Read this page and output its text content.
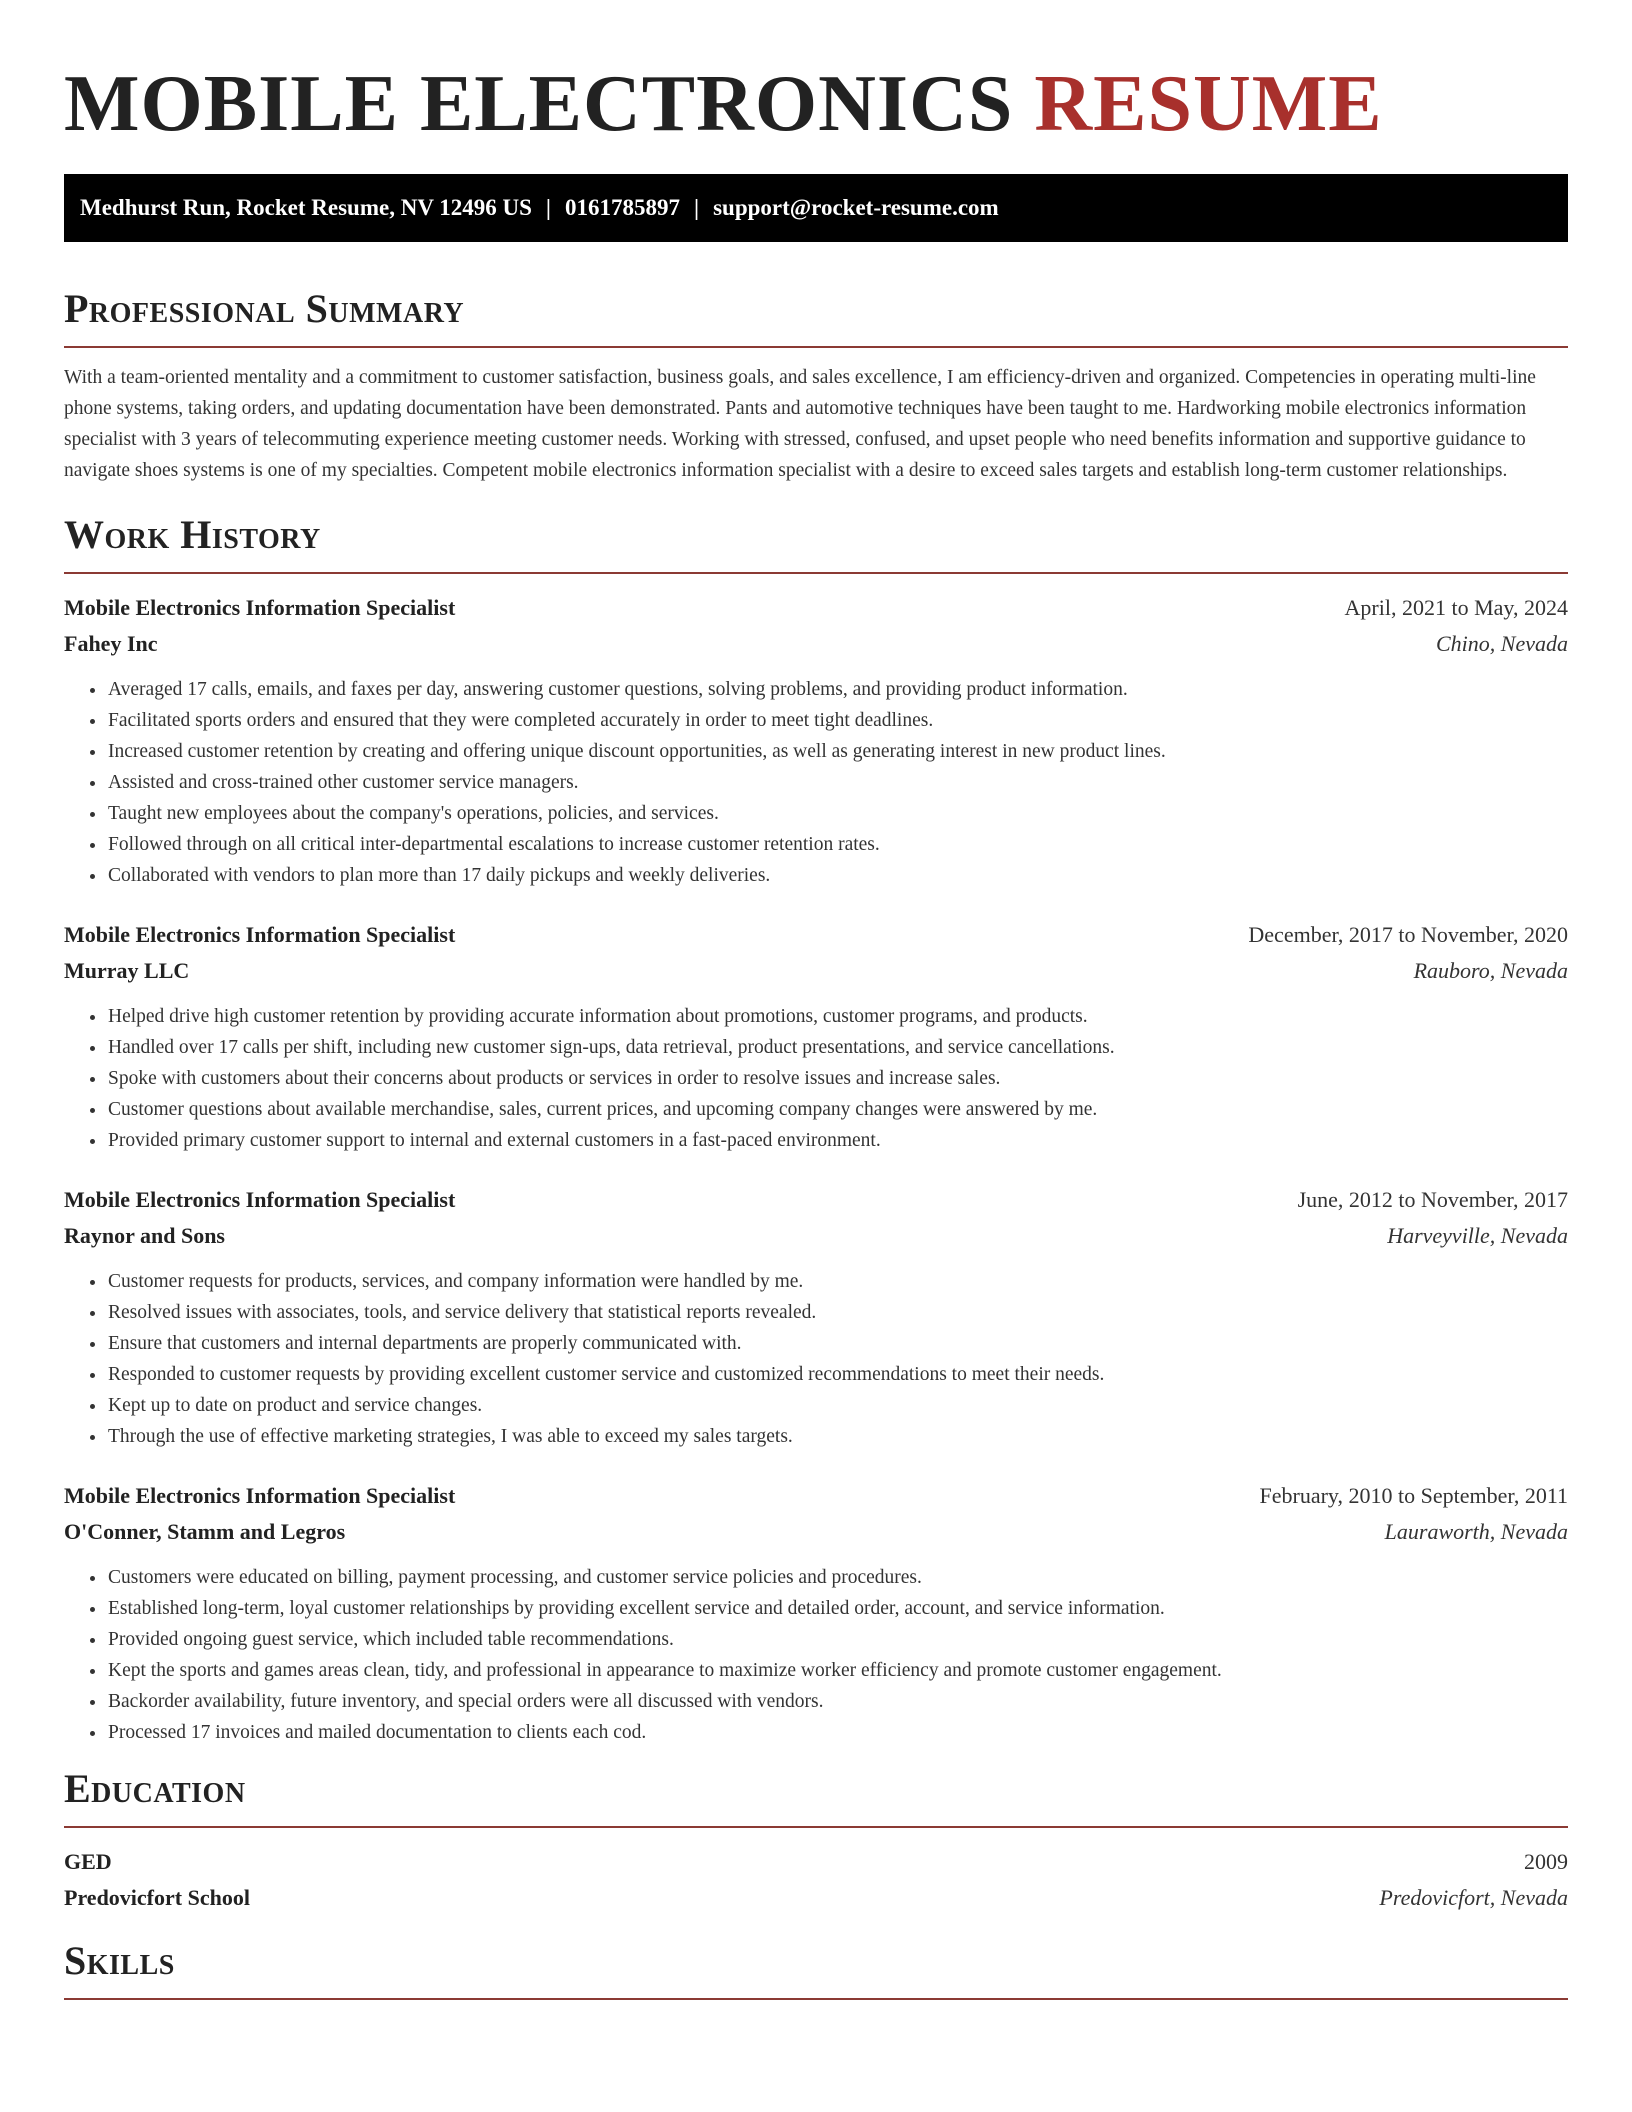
MOBILE ELECTRONICS RESUME
Medhurst Run, Rocket Resume, NV 12496 US | 0161785897 | support@rocket-resume.com
Professional Summary

With a team-oriented mentality and a commitment to customer satisfaction, business goals, and sales excellence, I am efficiency-driven and organized. Competencies in operating multi-line phone systems, taking orders, and updating documentation have been demonstrated. Pants and automotive techniques have been taught to me. Hardworking mobile electronics information specialist with 3 years of telecommuting experience meeting customer needs. Working with stressed, confused, and upset people who need benefits information and supportive guidance to navigate shoes systems is one of my specialties. Competent mobile electronics information specialist with a desire to exceed sales targets and establish long-term customer relationships.

Work History
Mobile Electronics Information Specialist	April, 2021 to May, 2024
Fahey Inc	Chino, Nevada
• Averaged 17 calls, emails, and faxes per day, answering customer questions, solving problems, and providing product information.
• Facilitated sports orders and ensured that they were completed accurately in order to meet tight deadlines.
• Increased customer retention by creating and offering unique discount opportunities, as well as generating interest in new product lines.
• Assisted and cross-trained other customer service managers.
• Taught new employees about the company's operations, policies, and services.
• Followed through on all critical inter-departmental escalations to increase customer retention rates.
• Collaborated with vendors to plan more than 17 daily pickups and weekly deliveries.
Mobile Electronics Information Specialist	December, 2017 to November, 2020
Murray LLC	Rauboro, Nevada
• Helped drive high customer retention by providing accurate information about promotions, customer programs, and products.
• Handled over 17 calls per shift, including new customer sign-ups, data retrieval, product presentations, and service cancellations.
• Spoke with customers about their concerns about products or services in order to resolve issues and increase sales.
• Customer questions about available merchandise, sales, current prices, and upcoming company changes were answered by me.
• Provided primary customer support to internal and external customers in a fast-paced environment.
Mobile Electronics Information Specialist	June, 2012 to November, 2017
Raynor and Sons	Harveyville, Nevada
• Customer requests for products, services, and company information were handled by me.
• Resolved issues with associates, tools, and service delivery that statistical reports revealed.
• Ensure that customers and internal departments are properly communicated with.
• Responded to customer requests by providing excellent customer service and customized recommendations to meet their needs.
• Kept up to date on product and service changes.
• Through the use of effective marketing strategies, I was able to exceed my sales targets.
Mobile Electronics Information Specialist	February, 2010 to September, 2011
O'Conner, Stamm and Legros	Lauraworth, Nevada
• Customers were educated on billing, payment processing, and customer service policies and procedures.
• Established long-term, loyal customer relationships by providing excellent service and detailed order, account, and service information.
• Provided ongoing guest service, which included table recommendations.
• Kept the sports and games areas clean, tidy, and professional in appearance to maximize worker efficiency and promote customer engagement.
• Backorder availability, future inventory, and special orders were all discussed with vendors.
• Processed 17 invoices and mailed documentation to clients each cod.
Education
GED	2009
Predovicfort School	Predovicfort, Nevada
Skills
